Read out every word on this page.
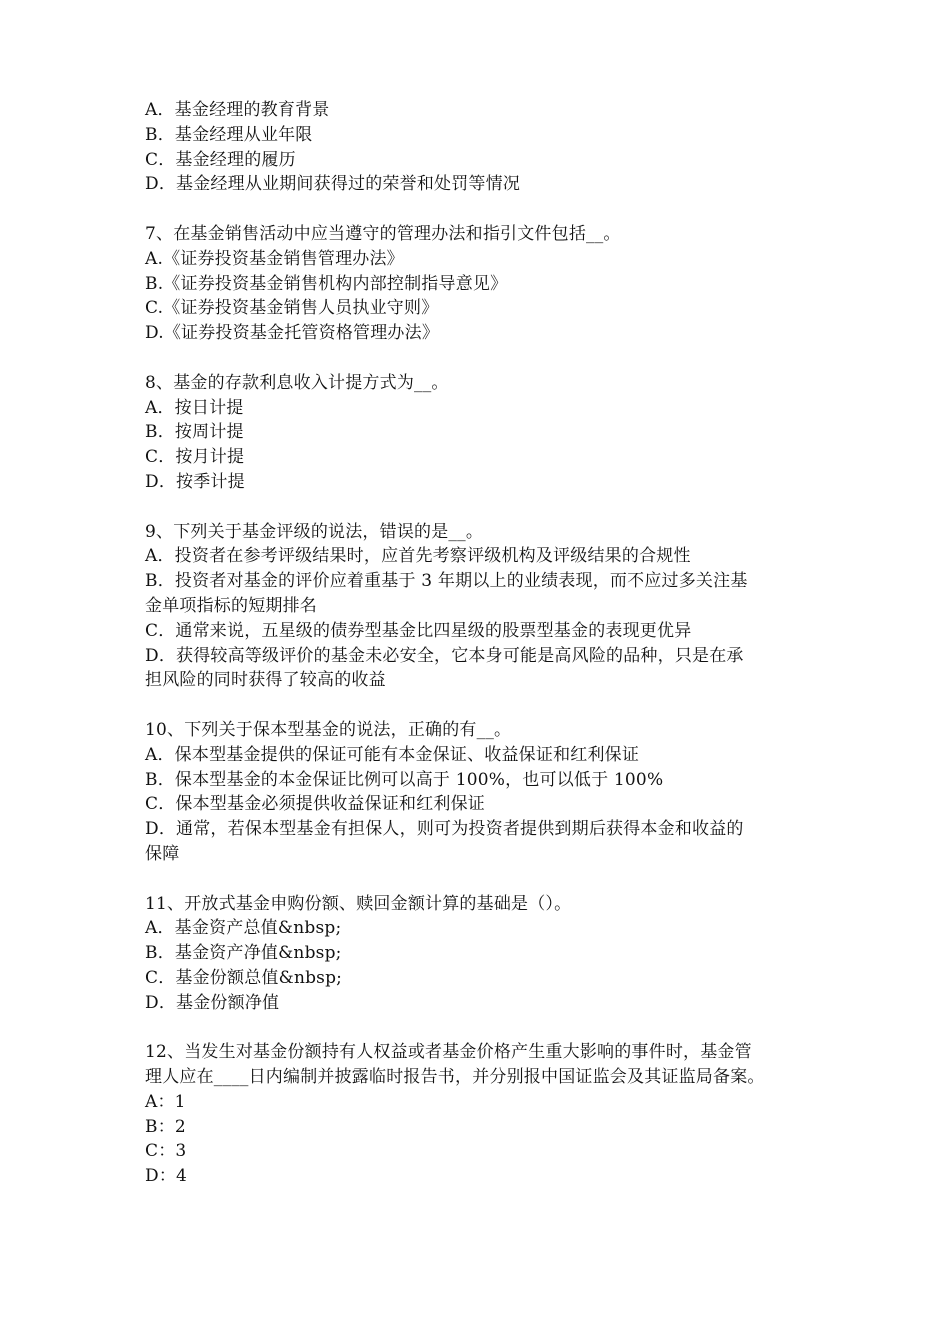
A．基金经理的教育背景
B．基金经理从业年限
C．基金经理的履历
D．基金经理从业期间获得过的荣誉和处罚等情况
7、在基金销售活动中应当遵守的管理办法和指引文件包括__。
A.《证券投资基金销售管理办法》
B.《证券投资基金销售机构内部控制指导意见》
C.《证券投资基金销售人员执业守则》
D.《证券投资基金托管资格管理办法》
8、基金的存款利息收入计提方式为__。
A．按日计提
B．按周计提
C．按月计提
D．按季计提
9、下列关于基金评级的说法，错误的是__。
A．投资者在参考评级结果时，应首先考察评级机构及评级结果的合规性
B．投资者对基金的评价应着重基于 3 年期以上的业绩表现，而不应过多关注基
金单项指标的短期排名
C．通常来说，五星级的债券型基金比四星级的股票型基金的表现更优异
D．获得较高等级评价的基金未必安全，它本身可能是高风险的品种，只是在承
担风险的同时获得了较高的收益
10、下列关于保本型基金的说法，正确的有__。
A．保本型基金提供的保证可能有本金保证、收益保证和红利保证
B．保本型基金的本金保证比例可以高于 100%，也可以低于 100%
C．保本型基金必须提供收益保证和红利保证
D．通常，若保本型基金有担保人，则可为投资者提供到期后获得本金和收益的
保障
11、开放式基金申购份额、赎回金额计算的基础是（）。
A．基金资产总值&nbsp;
B．基金资产净值&nbsp;
C．基金份额总值&nbsp;
D．基金份额净值
12、当发生对基金份额持有人权益或者基金价格产生重大影响的事件时，基金管
理人应在____日内编制并披露临时报告书，并分别报中国证监会及其证监局备案。
A：1
B：2
C：3
D：4
